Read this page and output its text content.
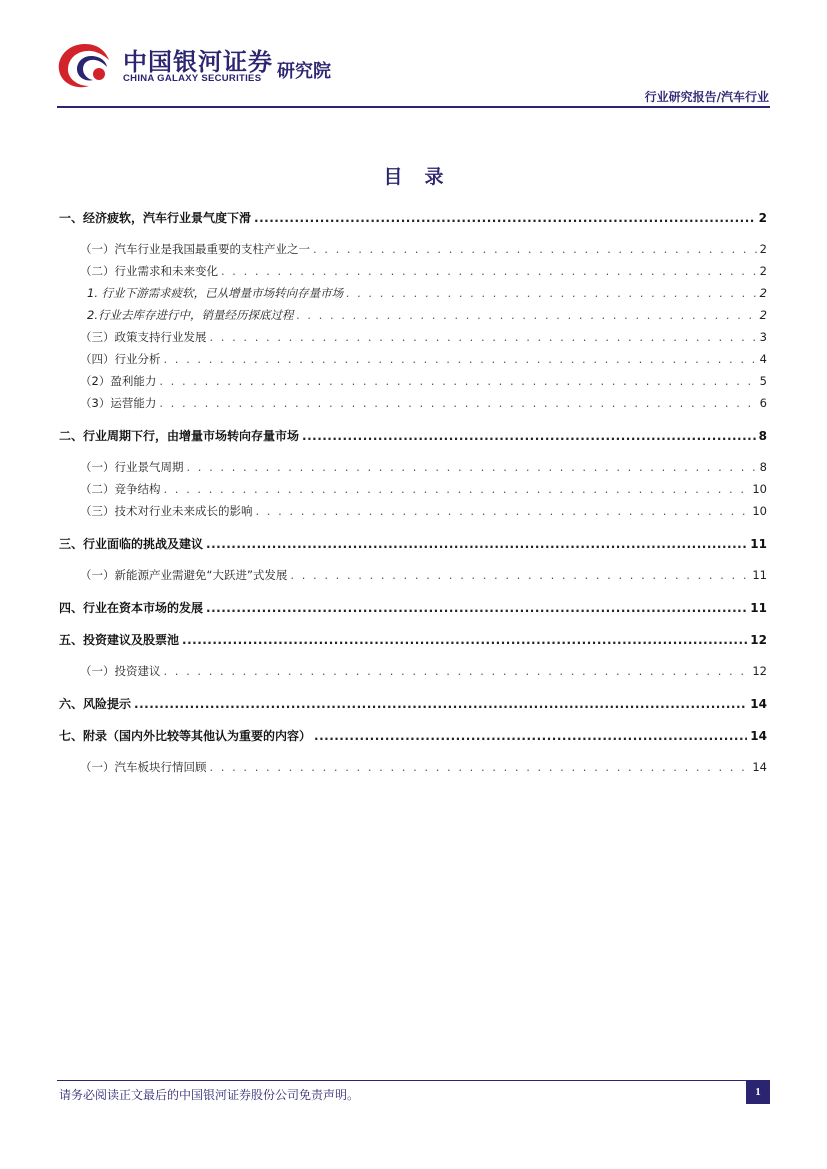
中国银河证券
CHINA GALAXY SECURITIES 研究院
行业研究报告/汽车行业
目录
一、经济疲软，汽车行业景气度下滑 .....	2
（一）汽车行业是我国最重要的支柱产业之一 . . .	2
（二）行业需求和未来变化 . . .	2
1. 行业下游需求疲软，已从增量市场转向存量市场 . . .	2
2.行业去库存进行中，销量经历探底过程 . . .	2
（三）政策支持行业发展 . . .	3
（四）行业分析 . . .	4
（2）盈利能力 . . .	5
（3）运营能力 . . .	6
二、行业周期下行，由增量市场转向存量市场 .....	8
（一）行业景气周期 . . .	8
（二）竞争结构 . . .	10
（三）技术对行业未来成长的影响 . . .	10
三、行业面临的挑战及建议 .....	11
（一）新能源产业需避免“大跃进”式发展 . . .	11
四、行业在资本市场的发展 .....	11
五、投资建议及股票池 .....	12
（一）投资建议 . . .	12
六、风险提示 .....	14
七、附录（国内外比较等其他认为重要的内容） .....	14
（一）汽车板块行情回顾 . . .	14
请务必阅读正文最后的中国银河证券股份公司免责声明。	1
